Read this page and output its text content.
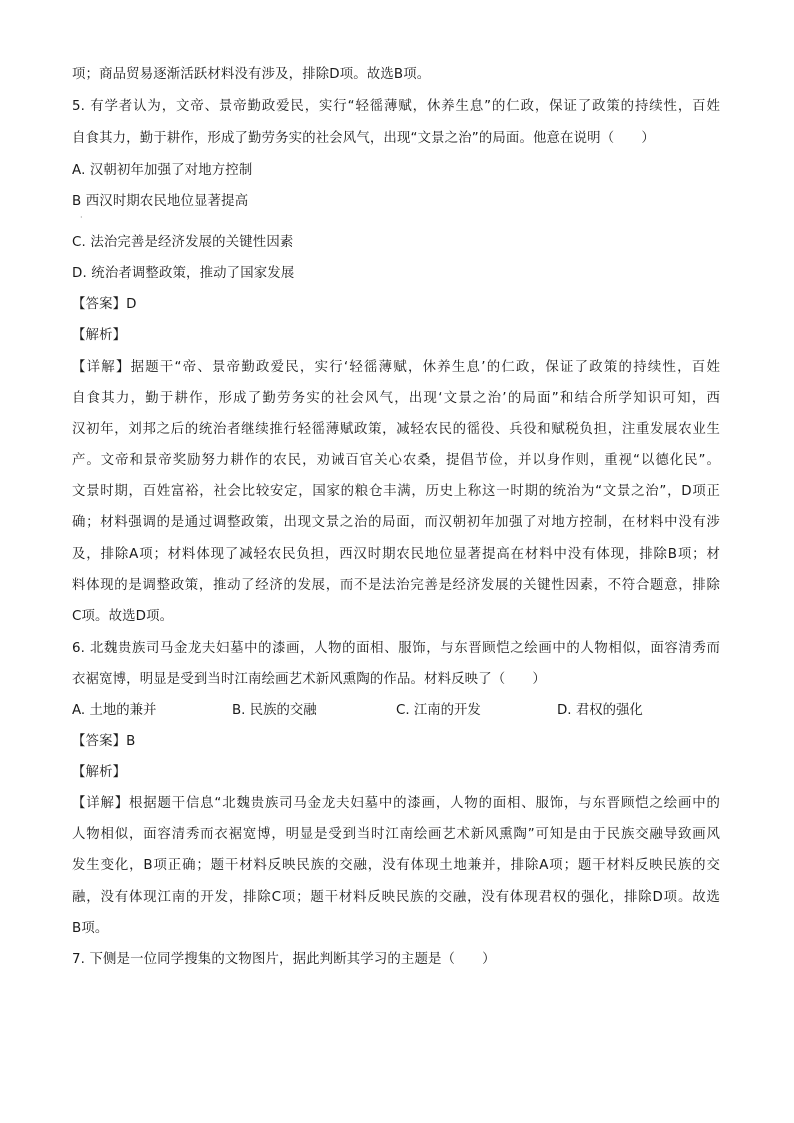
项；商品贸易逐渐活跃材料没有涉及，排除D项。故选B项。
5. 有学者认为，文帝、景帝勤政爱民，实行“轻徭薄赋，休养生息”的仁政，保证了政策的持续性，百姓
自食其力，勤于耕作，形成了勤劳务实的社会风气，出现“文景之治”的局面。他意在说明（　　）
A. 汉朝初年加强了对地方控制
B 西汉时期农民地位显著提高
·
C. 法治完善是经济发展的关键性因素
D. 统治者调整政策，推动了国家发展
【答案】D
【解析】
【详解】据题干“帝、景帝勤政爱民，实行‘轻徭薄赋，休养生息’的仁政，保证了政策的持续性，百姓
自食其力，勤于耕作，形成了勤劳务实的社会风气，出现‘文景之治’的局面”和结合所学知识可知，西
汉初年，刘邦之后的统治者继续推行轻徭薄赋政策，减轻农民的徭役、兵役和赋税负担，注重发展农业生
产。文帝和景帝奖励努力耕作的农民，劝诫百官关心农桑，提倡节俭，并以身作则，重视“以德化民”。
文景时期，百姓富裕，社会比较安定，国家的粮仓丰满，历史上称这一时期的统治为“文景之治”，D项正
确；材料强调的是通过调整政策，出现文景之治的局面，而汉朝初年加强了对地方控制，在材料中没有涉
及，排除A项；材料体现了减轻农民负担，西汉时期农民地位显著提高在材料中没有体现，排除B项；材
料体现的是调整政策，推动了经济的发展，而不是法治完善是经济发展的关键性因素，不符合题意，排除
C项。故选D项。
6. 北魏贵族司马金龙夫妇墓中的漆画，人物的面相、服饰，与东晋顾恺之绘画中的人物相似，面容清秀而
衣裾宽博，明显是受到当时江南绘画艺术新风熏陶的作品。材料反映了（　　）
A. 土地的兼并	B. 民族的交融	C. 江南的开发	D. 君权的强化
【答案】B
【解析】
【详解】根据题干信息“北魏贵族司马金龙夫妇墓中的漆画，人物的面相、服饰，与东晋顾恺之绘画中的
人物相似，面容清秀而衣裾宽博，明显是受到当时江南绘画艺术新风熏陶”可知是由于民族交融导致画风
发生变化，B项正确；题干材料反映民族的交融，没有体现土地兼并，排除A项；题干材料反映民族的交
融，没有体现江南的开发，排除C项；题干材料反映民族的交融，没有体现君权的强化，排除D项。故选
B项。
7. 下侧是一位同学搜集的文物图片，据此判断其学习的主题是（　　）
